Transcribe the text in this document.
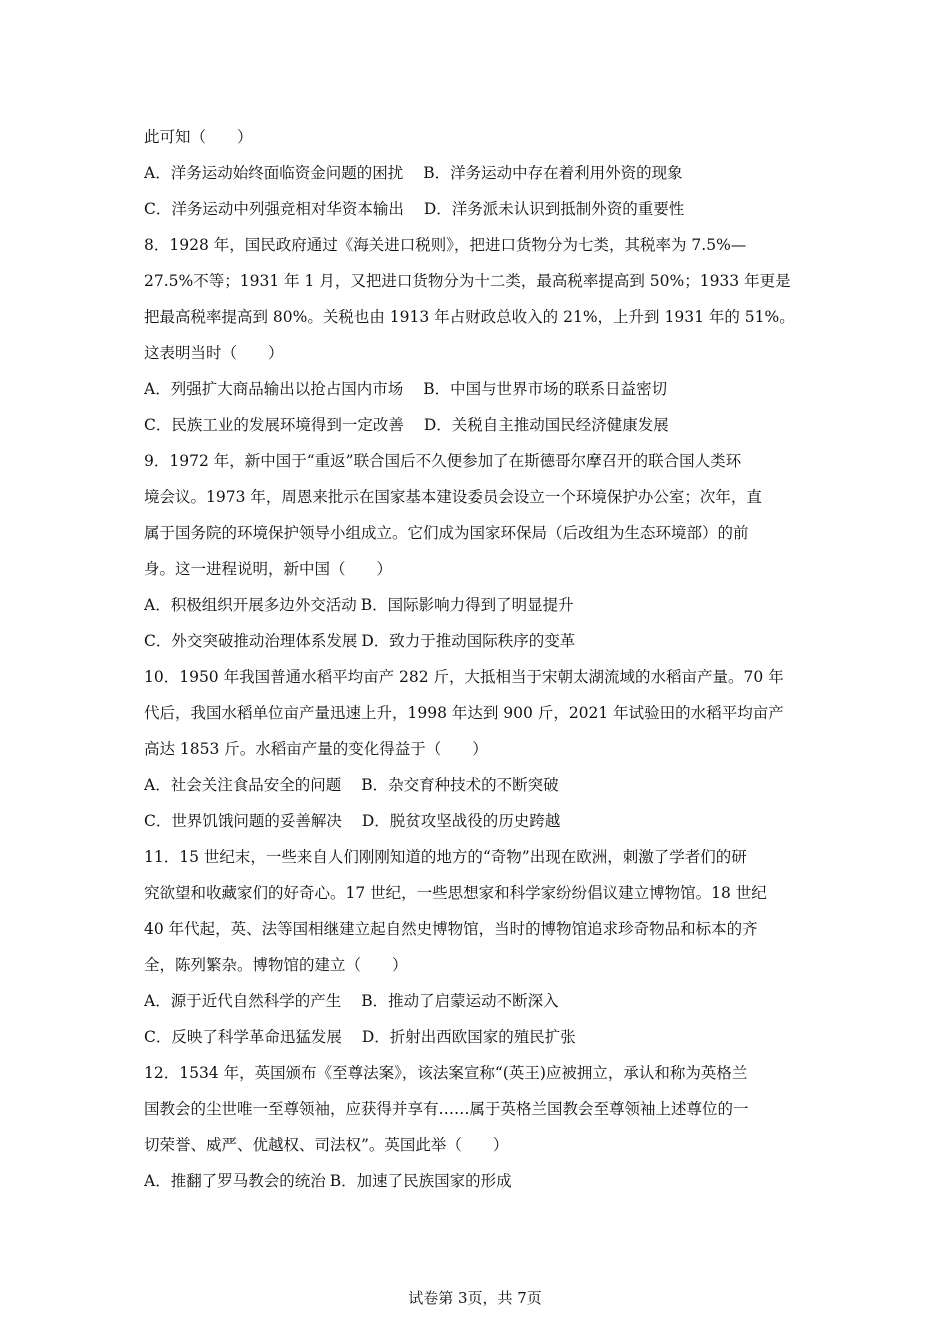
此可知（　　）
A．洋务运动始终面临资金问题的困扰 B．洋务运动中存在着利用外资的现象
C．洋务运动中列强竞相对华资本输出 D．洋务派未认识到抵制外资的重要性
8．1928 年，国民政府通过《海关进口税则》，把进口货物分为七类，其税率为 7.5%—
27.5%不等；1931 年 1 月，又把进口货物分为十二类，最高税率提高到 50%；1933 年更是
把最高税率提高到 80%。关税也由 1913 年占财政总收入的 21%，上升到 1931 年的 51%。
这表明当时（　　）
A．列强扩大商品输出以抢占国内市场 B．中国与世界市场的联系日益密切
C．民族工业的发展环境得到一定改善 D．关税自主推动国民经济健康发展
9．1972 年，新中国于“重返”联合国后不久便参加了在斯德哥尔摩召开的联合国人类环
境会议。1973 年，周恩来批示在国家基本建设委员会设立一个环境保护办公室；次年，直
属于国务院的环境保护领导小组成立。它们成为国家环保局（后改组为生态环境部）的前
身。这一进程说明，新中国（　　）
A．积极组织开展多边外交活动 B．国际影响力得到了明显提升
C．外交突破推动治理体系发展 D．致力于推动国际秩序的变革
10．1950 年我国普通水稻平均亩产 282 斤，大抵相当于宋朝太湖流域的水稻亩产量。70 年
代后，我国水稻单位亩产量迅速上升，1998 年达到 900 斤，2021 年试验田的水稻平均亩产
高达 1853 斤。水稻亩产量的变化得益于（　　）
A．社会关注食品安全的问题 B．杂交育种技术的不断突破
C．世界饥饿问题的妥善解决 D．脱贫攻坚战役的历史跨越
11．15 世纪末，一些来自人们刚刚知道的地方的“奇物”出现在欧洲，刺激了学者们的研
究欲望和收藏家们的好奇心。17 世纪，一些思想家和科学家纷纷倡议建立博物馆。18 世纪
40 年代起，英、法等国相继建立起自然史博物馆，当时的博物馆追求珍奇物品和标本的齐
全，陈列繁杂。博物馆的建立（　　）
A．源于近代自然科学的产生 B．推动了启蒙运动不断深入
C．反映了科学革命迅猛发展 D．折射出西欧国家的殖民扩张
12．1534 年，英国颁布《至尊法案》，该法案宣称“(英王)应被拥立，承认和称为英格兰
国教会的尘世唯一至尊领袖，应获得并享有……属于英格兰国教会至尊领袖上述尊位的一
切荣誉、威严、优越权、司法权”。英国此举（　　）
A．推翻了罗马教会的统治 B．加速了民族国家的形成
试卷第 3页，共 7页
